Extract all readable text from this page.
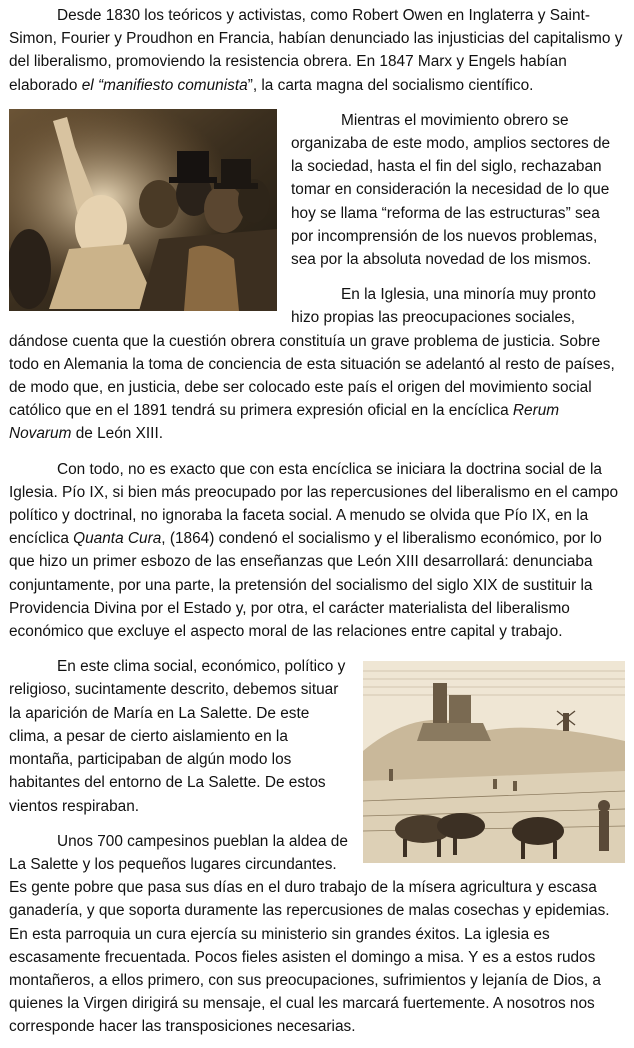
Desde 1830 los teóricos y activistas, como Robert Owen en Inglaterra y Saint-Simon, Fourier y Proudhon en Francia, habían denunciado las injusticias del capitalismo y del liberalismo, promoviendo la resistencia obrera. En 1847 Marx y Engels habían elaborado el “manifiesto comunista”, la carta magna del socialismo científico.

Mientras el movimiento obrero se organizaba de este modo, amplios sectores de la sociedad, hasta el fin del siglo, rechazaban tomar en consideración la necesidad de lo que hoy se llama “reforma de las estructuras” sea por incomprensión de los nuevos problemas, sea por la absoluta novedad de los mismos.

En la Iglesia, una minoría muy pronto hizo propias las preocupaciones sociales, dándose cuenta que la cuestión obrera constituía un grave problema de justicia. Sobre todo en Alemania la toma de conciencia de esta situación se adelantó al resto de países, de modo que, en justicia, debe ser colocado este país el origen del movimiento social católico que en el 1891 tendrá su primera expresión oficial en la encíclica Rerum Novarum de León XIII.

Con todo, no es exacto que con esta encíclica se iniciara la doctrina social de la Iglesia. Pío IX, si bien más preocupado por las repercusiones del liberalismo en el campo político y doctrinal, no ignoraba la faceta social. A menudo se olvida que Pío IX, en la encíclica Quanta Cura, (1864) condenó el socialismo y el liberalismo económico, por lo que hizo un primer esbozo de las enseñanzas que León XIII desarrollará: denunciaba conjuntamente, por una parte, la pretensión del socialismo del siglo XIX de sustituir la Providencia Divina por el Estado y, por otra, el carácter materialista del liberalismo económico que excluye el aspecto moral de las relaciones entre capital y trabajo.

En este clima social, económico, político y religioso, sucintamente descrito, debemos situar la aparición de María en La Salette. De este clima, a pesar de cierto aislamiento en la montaña, participaban de algún modo los habitantes del entorno de La Salette. De estos vientos respiraban.

Unos 700 campesinos pueblan la aldea de La Salette y los pequeños lugares circundantes. Es gente pobre que pasa sus días en el duro trabajo de la mísera agricultura y escasa ganadería, y que soporta duramente las repercusiones de malas cosechas y epidemias. En esta parroquia un cura ejercía su ministerio sin grandes éxitos. La iglesia es escasamente frecuentada. Pocos fieles asisten el domingo a misa. Y es a estos rudos montañeros, a ellos primero, con sus preocupaciones, sufrimientos y lejanía de Dios, a quienes la Virgen dirigirá su mensaje, el cual les marcará fuertemente. A nosotros nos corresponde hacer las transposiciones necesarias.
